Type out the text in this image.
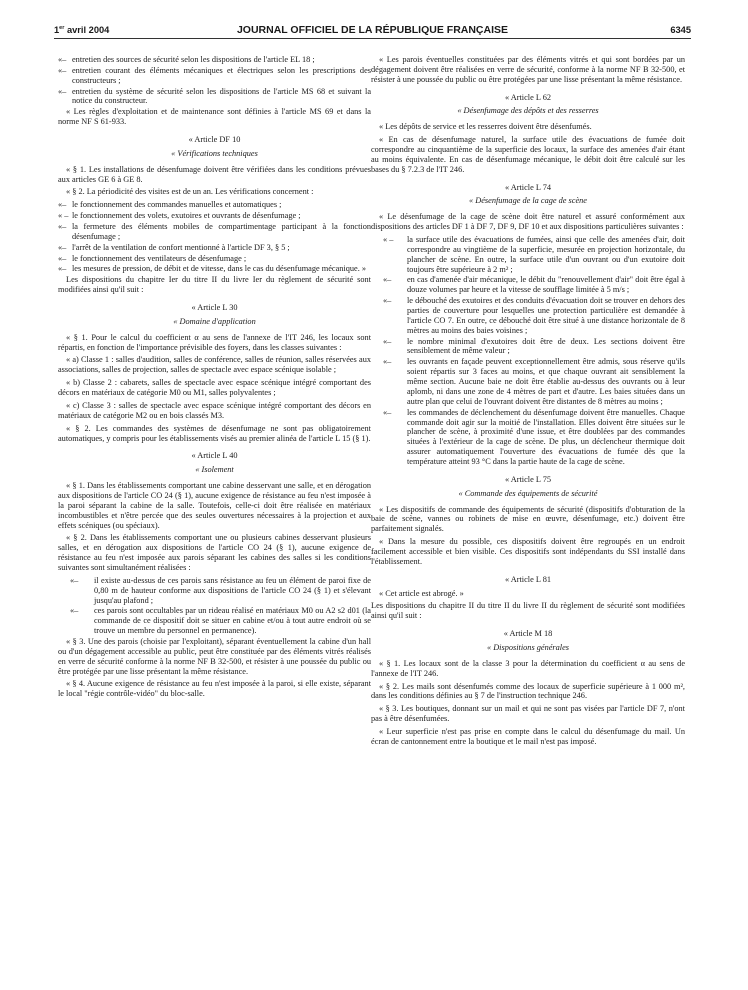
1er avril 2004	JOURNAL OFFICIEL DE LA RÉPUBLIQUE FRANÇAISE	6345

«– entretien des sources de sécurité selon les dispositions de l'article EL 18 ;

«– entretien courant des éléments mécaniques et électriques selon les prescriptions des constructeurs ;

«– entretien du système de sécurité selon les dispositions de l'article MS 68 et suivant la notice du constructeur.

« Les règles d'exploitation et de maintenance sont définies à l'article MS 69 et dans la norme NF S 61-933.

« Article DF 10

« Vérifications techniques

« § 1. Les installations de désenfumage doivent être vérifiées dans les conditions prévues aux articles GE 6 à GE 8.

« § 2. La périodicité des visites est de un an. Les vérifications concernent :

«– le fonctionnement des commandes manuelles et automatiques ;

« – le fonctionnement des volets, exutoires et ouvrants de désenfumage ;

«– la fermeture des éléments mobiles de compartimentage participant à la fonction désenfumage ;

«– l'arrêt de la ventilation de confort mentionné à l'article DF 3, § 5 ;

«– le fonctionnement des ventilateurs de désenfumage ;

«– les mesures de pression, de débit et de vitesse, dans le cas du désenfumage mécanique. »

Les dispositions du chapitre Ier du titre II du livre Ier du règlement de sécurité sont modifiées ainsi qu'il suit :

« Article L 30

« Domaine d'application

« § 1. Pour le calcul du coefficient α au sens de l'annexe de l'IT 246, les locaux sont répartis, en fonction de l'importance prévisible des foyers, dans les classes suivantes :

« a) Classe 1 : salles d'audition, salles de conférence, salles de réunion, salles réservées aux associations, salles de projection, salles de spectacle avec espace scénique isolable ;

« b) Classe 2 : cabarets, salles de spectacle avec espace scénique intégré comportant des décors en matériaux de catégorie M0 ou M1, salles polyvalentes ;

« c) Classe 3 : salles de spectacle avec espace scénique intégré comportant des décors en matériaux de catégorie M2 ou en bois classés M3.

« § 2. Les commandes des systèmes de désenfumage ne sont pas obligatoirement automatiques, y compris pour les établissements visés au premier alinéa de l'article L 15 (§ 1).

« Article L 40

« Isolement

« § 1. Dans les établissements comportant une cabine desservant une salle, et en dérogation aux dispositions de l'article CO 24 (§ 1), aucune exigence de résistance au feu n'est imposée à la paroi séparant la cabine de la salle. Toutefois, celle-ci doit être réalisée en matériaux incombustibles et n'être percée que des seules ouvertures nécessaires à la projection et aux effets scéniques (ou spéciaux).

« § 2. Dans les établissements comportant une ou plusieurs cabines desservant plusieurs salles, et en dérogation aux dispositions de l'article CO 24 (§ 1), aucune exigence de résistance au feu n'est imposée aux parois séparant les cabines des salles si les conditions suivantes sont simultanément réalisées :

«– il existe au-dessus de ces parois sans résistance au feu un élément de paroi fixe de 0,80 m de hauteur conforme aux dispositions de l'article CO 24 (§ 1) et s'élevant jusqu'au plafond ;

«– ces parois sont occultables par un rideau réalisé en matériaux M0 ou A2 s2 d01 (la commande de ce dispositif doit se situer en cabine et/ou à tout autre endroit où se trouve un membre du personnel en permanence).

« § 3. Une des parois (choisie par l'exploitant), séparant éventuellement la cabine d'un hall ou d'un dégagement accessible au public, peut être constituée par des éléments vitrés réalisés en verre de sécurité conforme à la norme NF B 32-500, et résister à une poussée du public ou être protégée par une lisse présentant la même résistance.

« § 4. Aucune exigence de résistance au feu n'est imposée à la paroi, si elle existe, séparant le local "régie contrôle-vidéo" du bloc-salle.

« Les parois éventuelles constituées par des éléments vitrés et qui sont bordées par un dégagement doivent être réalisées en verre de sécurité, conforme à la norme NF B 32-500, et résister à une poussée du public ou être protégées par une lisse présentant la même résistance.

« Article L 62

« Désenfumage des dépôts et des resserres

« Les dépôts de service et les resserres doivent être désenfumés.

« En cas de désenfumage naturel, la surface utile des évacuations de fumée doit correspondre au cinquantième de la superficie des locaux, la surface des amenées d'air étant au moins équivalente. En cas de désenfumage mécanique, le débit doit être calculé sur les bases du § 7.2.3 de l'IT 246.

« Article L 74

« Désenfumage de la cage de scène

« Le désenfumage de la cage de scène doit être naturel et assuré conformément aux dispositions des articles DF 1 à DF 7, DF 9, DF 10 et aux dispositions particulières suivantes :

« – la surface utile des évacuations de fumées, ainsi que celle des amenées d'air, doit correspondre au vingtième de la superficie, mesurée en projection horizontale, du plancher de scène. En outre, la surface utile d'un ouvrant ou d'un exutoire doit toujours être supérieure à 2 m² ;

«– en cas d'amenée d'air mécanique, le débit du "renouvellement d'air" doit être égal à douze volumes par heure et la vitesse de soufflage limitée à 5 m/s ;

«– le débouché des exutoires et des conduits d'évacuation doit se trouver en dehors des parties de couverture pour lesquelles une protection particulière est demandée à l'article CO 7. En outre, ce débouché doit être situé à une distance horizontale de 8 mètres au moins des baies voisines ;

«– le nombre minimal d'exutoires doit être de deux. Les sections doivent être sensiblement de même valeur ;

«– les ouvrants en façade peuvent exceptionnellement être admis, sous réserve qu'ils soient répartis sur 3 faces au moins, et que chaque ouvrant ait sensiblement la même section. Aucune baie ne doit être établie au-dessus des ouvrants ou à leur aplomb, ni dans une zone de 4 mètres de part et d'autre. Les baies situées dans un autre plan que celui de l'ouvrant doivent être distantes de 8 mètres au moins ;

«– les commandes de déclenchement du désenfumage doivent être manuelles. Chaque commande doit agir sur la moitié de l'installation. Elles doivent être situées sur le plancher de scène, à proximité d'une issue, et être doublées par des commandes situées à l'extérieur de la cage de scène. De plus, un déclencheur thermique doit assurer automatiquement l'ouverture des évacuations de fumée dès que la température atteint 93 °C dans la partie haute de la cage de scène.

« Article L 75

« Commande des équipements de sécurité

« Les dispositifs de commande des équipements de sécurité (dispositifs d'obturation de la baie de scène, vannes ou robinets de mise en œuvre, désenfumage, etc.) doivent être parfaitement signalés.

« Dans la mesure du possible, ces dispositifs doivent être regroupés en un endroit facilement accessible et bien visible. Ces dispositifs sont indépendants du SSI installé dans l'établissement.

« Article L 81

« Cet article est abrogé. »

Les dispositions du chapitre II du titre II du livre II du règlement de sécurité sont modifiées ainsi qu'il suit :

« Article M 18

« Dispositions générales

« § 1. Les locaux sont de la classe 3 pour la détermination du coefficient α au sens de l'annexe de l'IT 246.

« § 2. Les mails sont désenfumés comme des locaux de superficie supérieure à 1 000 m², dans les conditions définies au § 7 de l'instruction technique 246.

« § 3. Les boutiques, donnant sur un mail et qui ne sont pas visées par l'article DF 7, n'ont pas à être désenfumées.

« Leur superficie n'est pas prise en compte dans le calcul du désenfumage du mail. Un écran de cantonnement entre la boutique et le mail n'est pas imposé.
